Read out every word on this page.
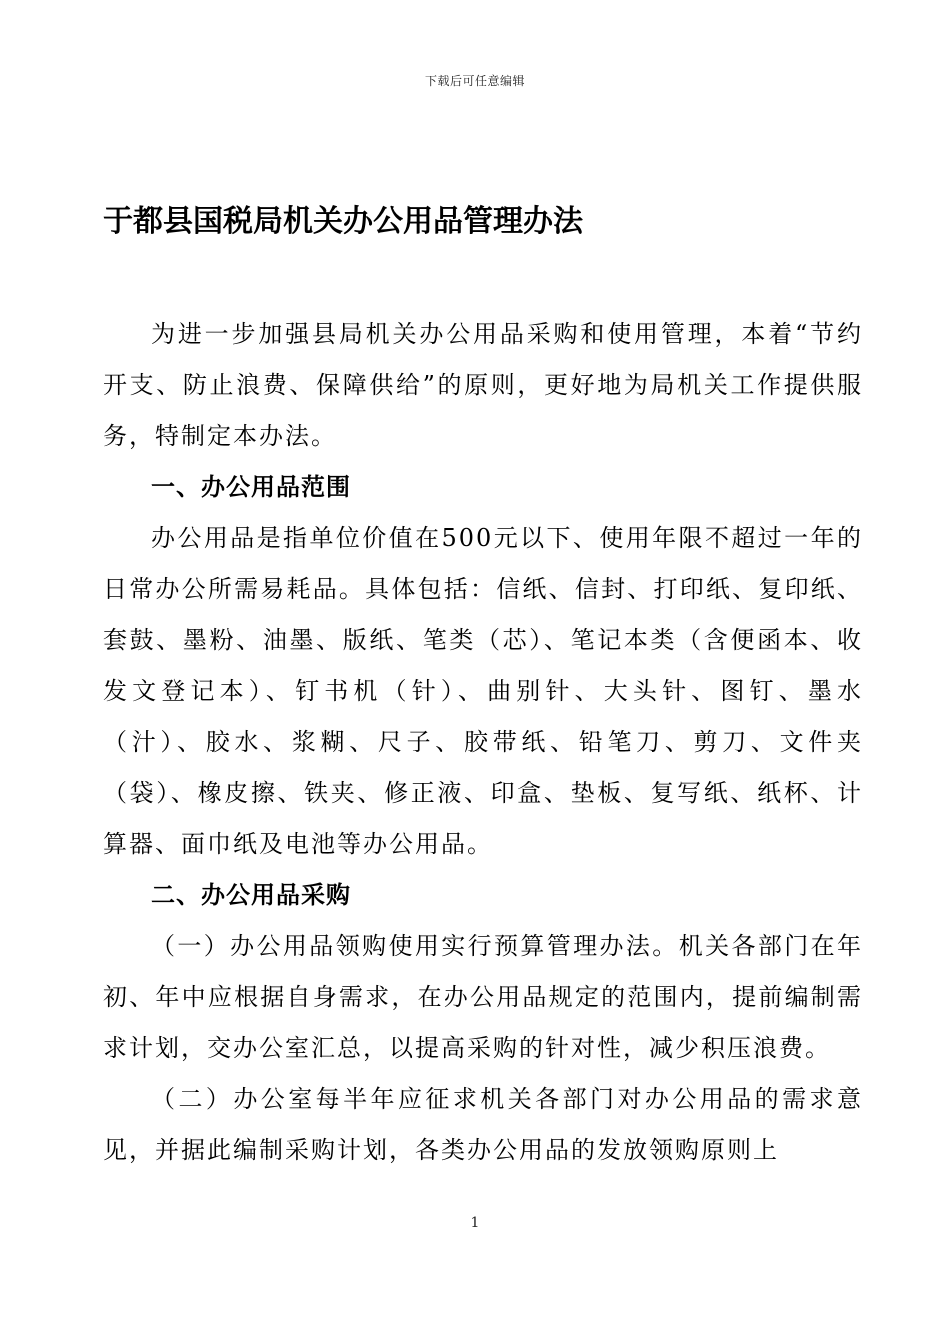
下载后可任意编辑
于都县国税局机关办公用品管理办法

为进一步加强县局机关办公用品采购和使用管理，本着“节约开支、防止浪费、保障供给”的原则，更好地为局机关工作提供服务，特制定本办法。

一、办公用品范围

办公用品是指单位价值在500元以下、使用年限不超过一年的日常办公所需易耗品。具体包括：信纸、信封、打印纸、复印纸、套鼓、墨粉、油墨、版纸、笔类（芯）、笔记本类（含便函本、收发文登记本）、钉书机（针）、曲别针、大头针、图钉、墨水（汁）、胶水、浆糊、尺子、胶带纸、铅笔刀、剪刀、文件夹（袋）、橡皮擦、铁夹、修正液、印盒、垫板、复写纸、纸杯、计算器、面巾纸及电池等办公用品。

二、办公用品采购

（一）办公用品领购使用实行预算管理办法。机关各部门在年初、年中应根据自身需求，在办公用品规定的范围内，提前编制需求计划，交办公室汇总，以提高采购的针对性，减少积压浪费。

（二）办公室每半年应征求机关各部门对办公用品的需求意见，并据此编制采购计划，各类办公用品的发放领购原则上

1
